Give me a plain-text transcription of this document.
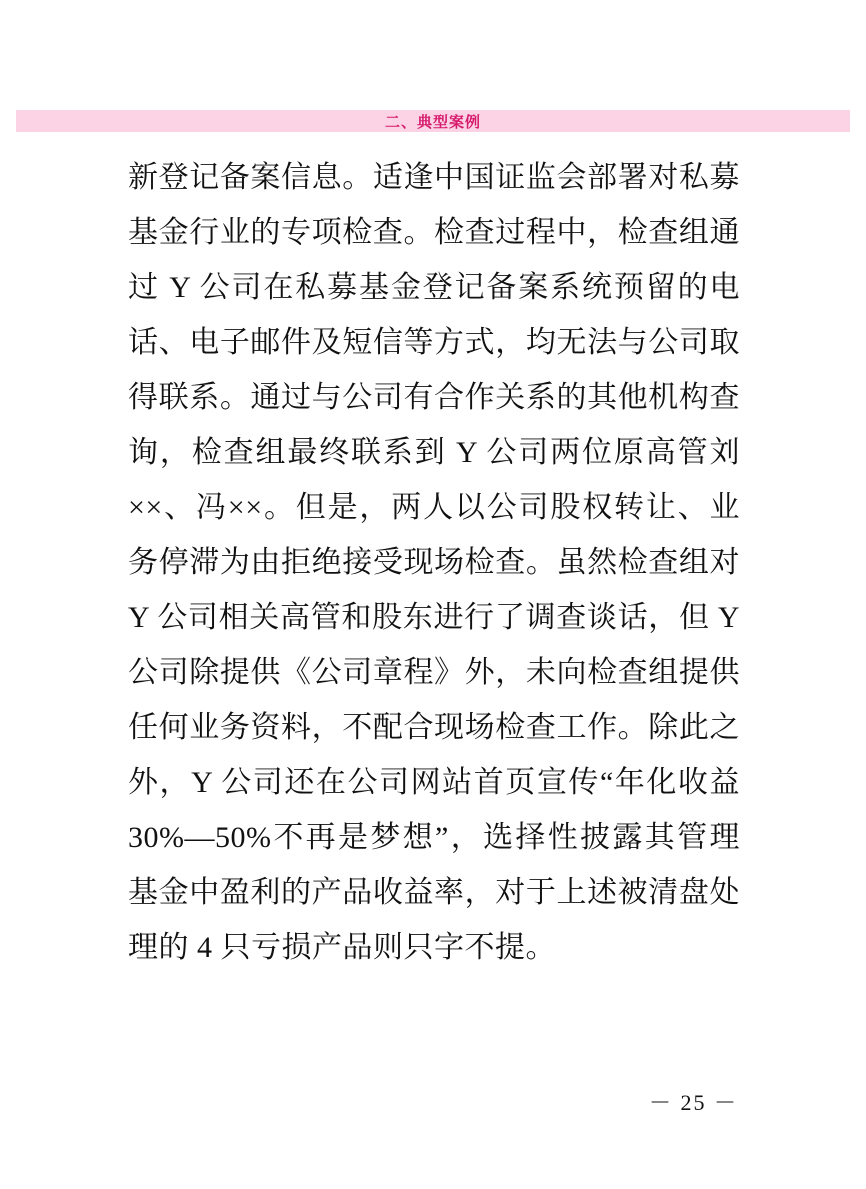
二、典型案例

新登记备案信息。适逢中国证监会部署对私募基金行业的专项检查。检查过程中，检查组通过 Y 公司在私募基金登记备案系统预留的电话、电子邮件及短信等方式，均无法与公司取得联系。通过与公司有合作关系的其他机构查询，检查组最终联系到 Y 公司两位原高管刘××、冯××。但是，两人以公司股权转让、业务停滞为由拒绝接受现场检查。虽然检查组对 Y 公司相关高管和股东进行了调查谈话，但 Y 公司除提供《公司章程》外，未向检查组提供任何业务资料，不配合现场检查工作。除此之外，Y 公司还在公司网站首页宣传“年化收益 30%—50%不再是梦想”，选择性披露其管理基金中盈利的产品收益率，对于上述被清盘处理的 4 只亏损产品则只字不提。

－ 25 －
